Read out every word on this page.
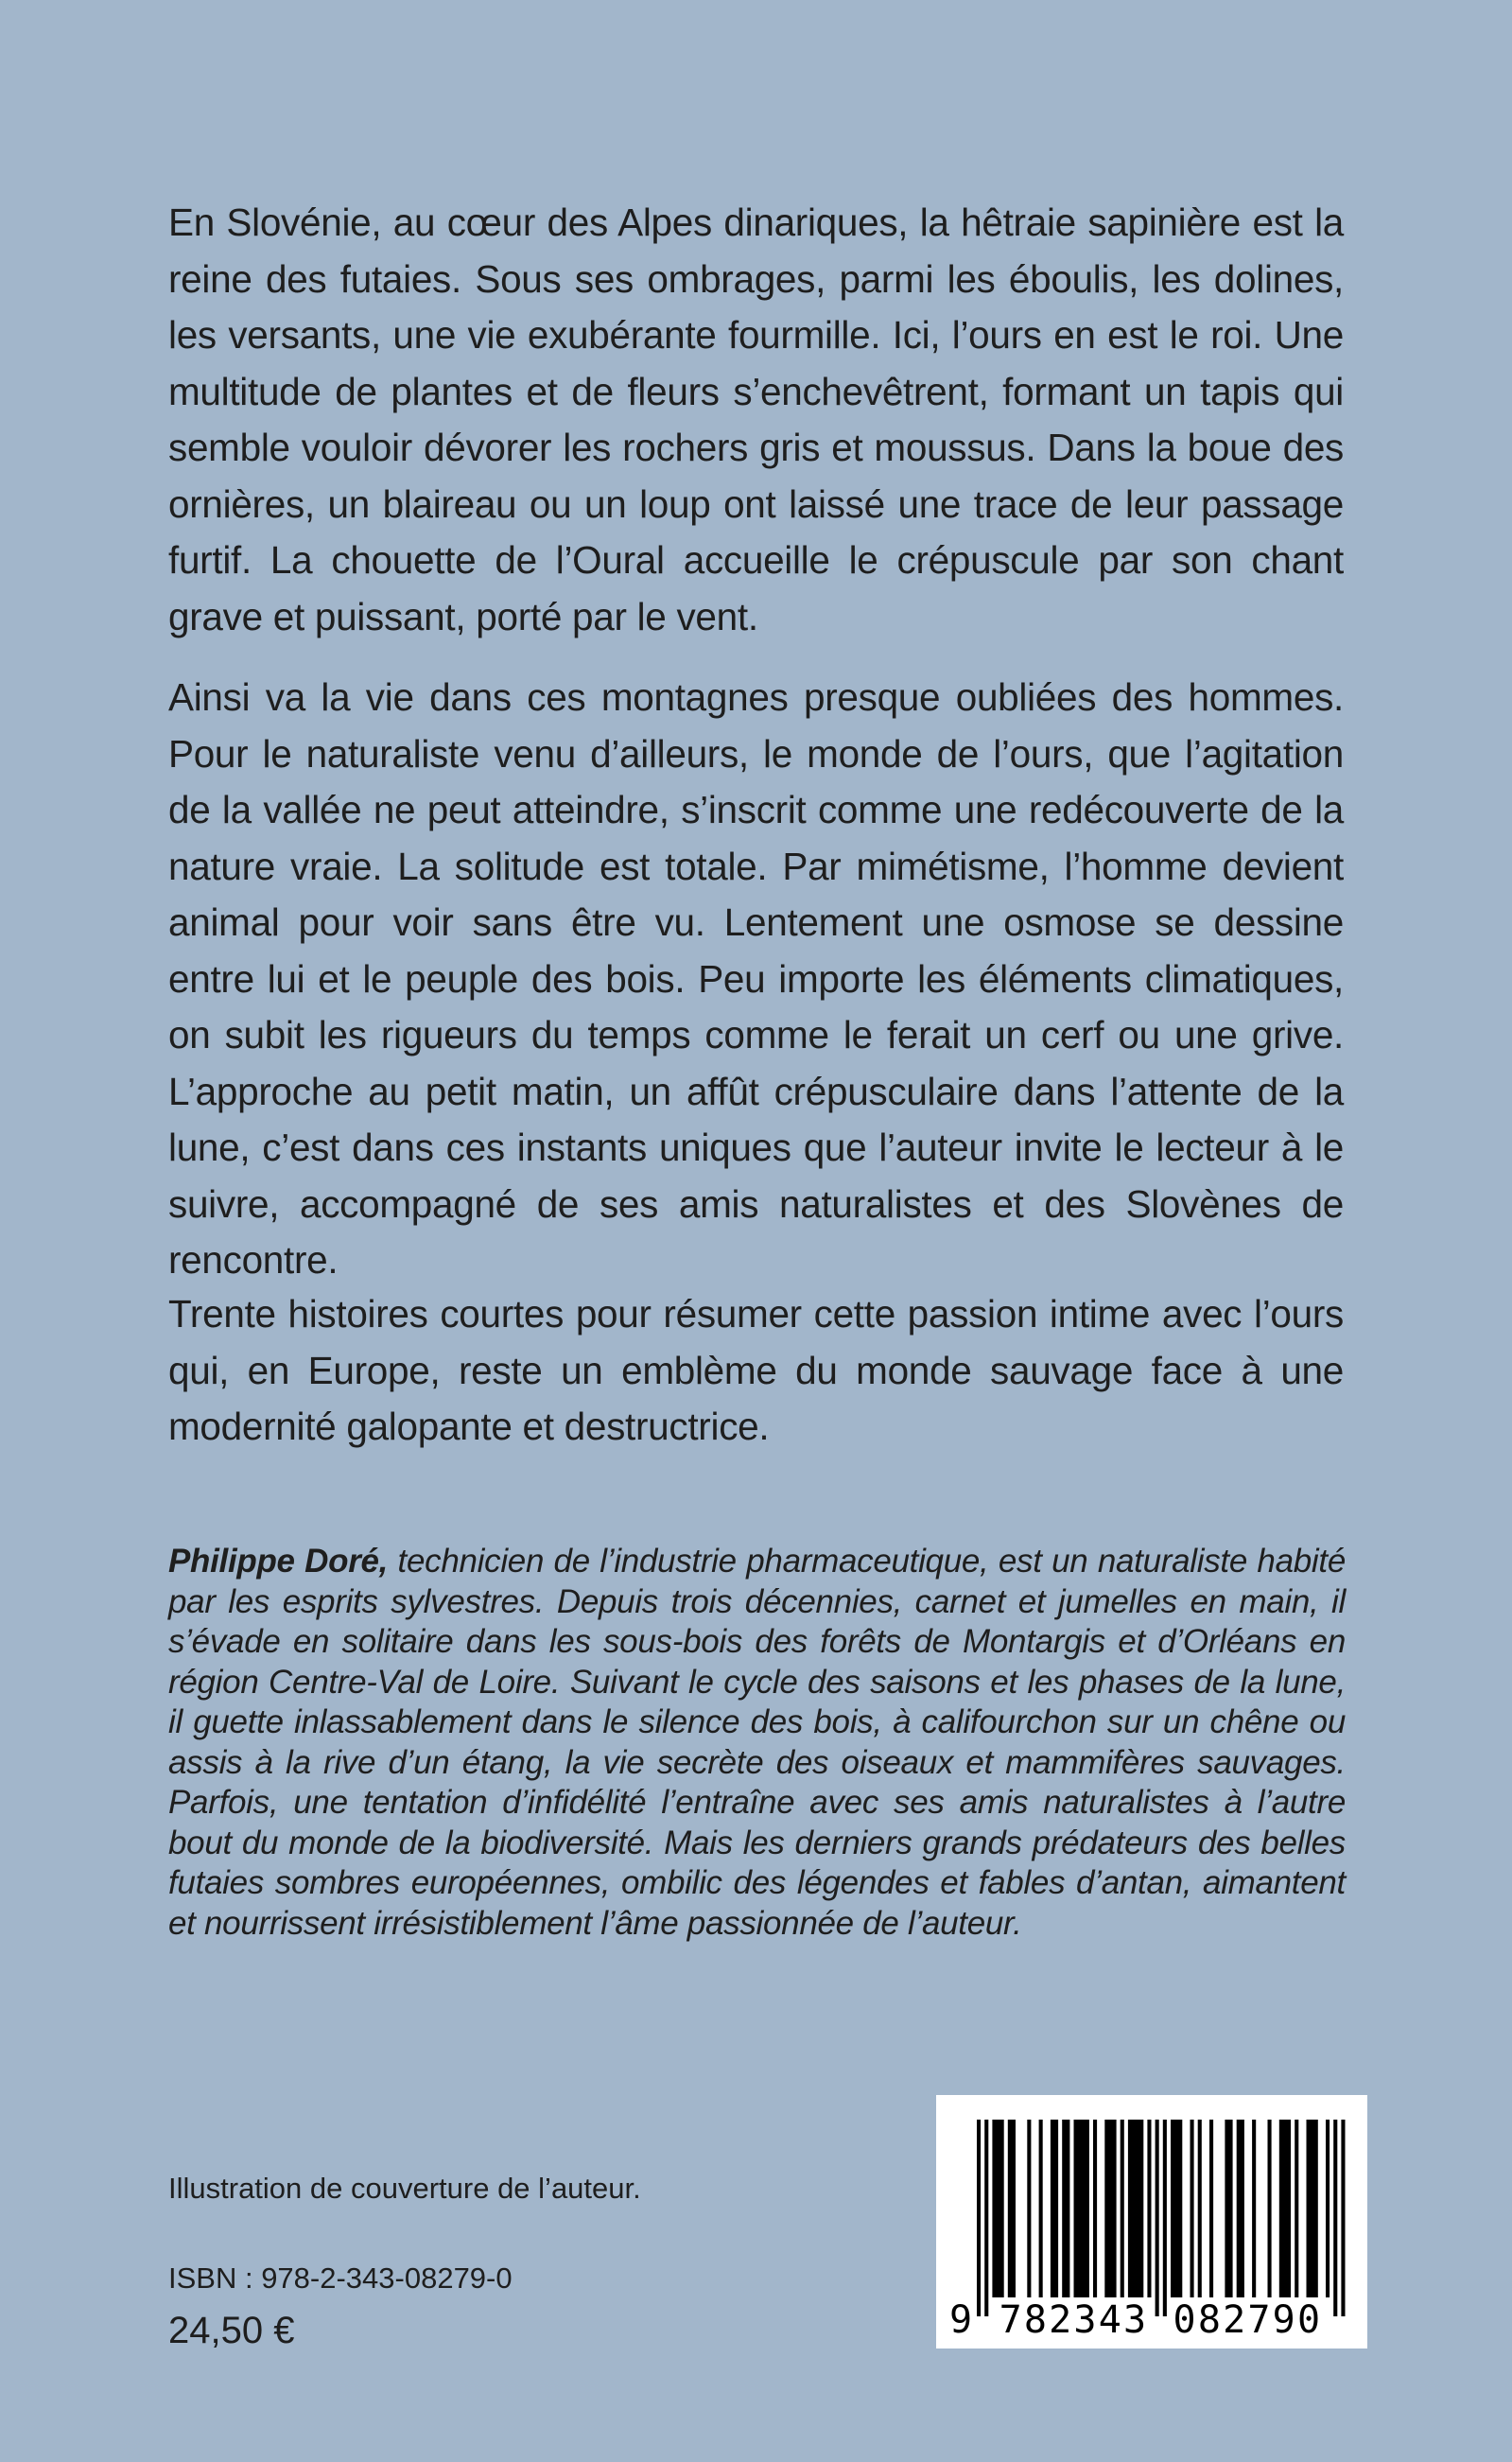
En Slovénie, au cœur des Alpes dinariques, la hêtraie sapinière est la reine des futaies. Sous ses ombrages, parmi les éboulis, les dolines, les versants, une vie exubérante fourmille. Ici, l’ours en est le roi. Une multitude de plantes et de fleurs s’enchevêtrent, formant un tapis qui semble vouloir dévorer les rochers gris et moussus. Dans la boue des ornières, un blaireau ou un loup ont laissé une trace de leur passage furtif. La chouette de l’Oural accueille le crépuscule par son chant grave et puissant, porté par le vent.

Ainsi va la vie dans ces montagnes presque oubliées des hommes. Pour le naturaliste venu d’ailleurs, le monde de l’ours, que l’agitation de la vallée ne peut atteindre, s’inscrit comme une redécouverte de la nature vraie. La solitude est totale. Par mimétisme, l’homme devient animal pour voir sans être vu. Lentement une osmose se dessine entre lui et le peuple des bois. Peu importe les éléments climatiques, on subit les rigueurs du temps comme le ferait un cerf ou une grive. L’approche au petit matin, un affût crépusculaire dans l’attente de la lune, c’est dans ces instants uniques que l’auteur invite le lecteur à le suivre, accompagné de ses amis naturalistes et des Slovènes de rencontre.

Trente histoires courtes pour résumer cette passion intime avec l’ours qui, en Europe, reste un emblème du monde sauvage face à une modernité galopante et destructrice.

Philippe Doré, technicien de l’industrie pharmaceutique, est un naturaliste habité par les esprits sylvestres. Depuis trois décennies, carnet et jumelles en main, il s’évade en solitaire dans les sous-bois des forêts de Montargis et d’Orléans en région Centre-Val de Loire. Suivant le cycle des saisons et les phases de la lune, il guette inlassablement dans le silence des bois, à califourchon sur un chêne ou assis à la rive d’un étang, la vie secrète des oiseaux et mammifères sauvages. Parfois, une tentation d’infidélité l’entraîne avec ses amis naturalistes à l’autre bout du monde de la biodiversité. Mais les derniers grands prédateurs des belles futaies sombres européennes, ombilic des légendes et fables d’antan, aimantent et nourrissent irrésistiblement l’âme passionnée de l’auteur.

Illustration de couverture de l’auteur.

ISBN : 978-2-343-08279-0

24,50 €	9 782343 082790
